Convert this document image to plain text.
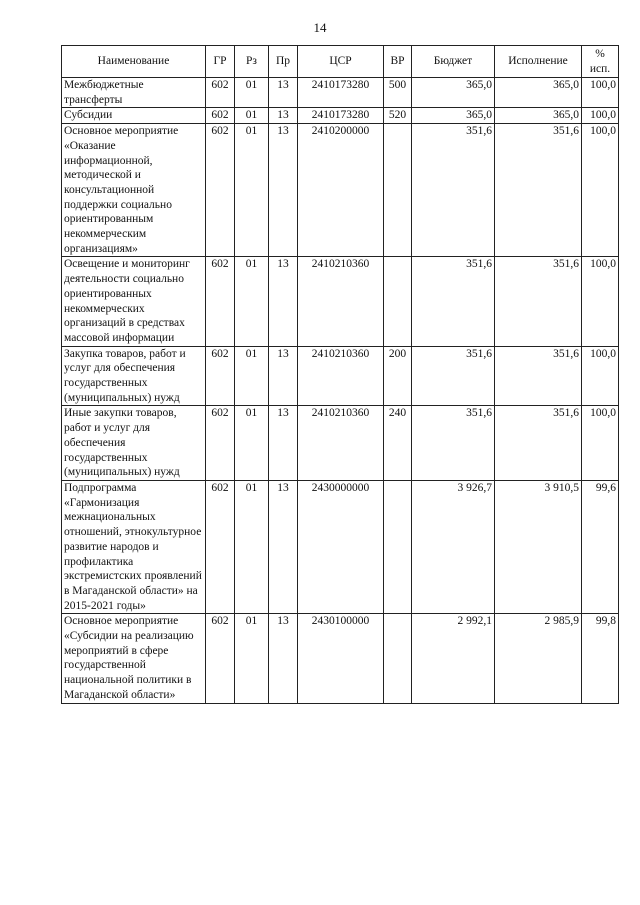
14
Наименование	ГР	Рз	Пр	ЦСР	ВР	Бюджет	Исполнение	%
исп.
Межбюджетные трансферты	602	01	13	2410173280	500	365,0	365,0	100,0
Субсидии	602	01	13	2410173280	520	365,0	365,0	100,0
Основное мероприятие «Оказание информационной, методической и консультационной поддержки социально ориентированным некоммерческим организациям»	602	01	13	2410200000		351,6	351,6	100,0
Освещение и мониторинг деятельности социально ориентированных некоммерческих организаций в средствах массовой информации	602	01	13	2410210360		351,6	351,6	100,0
Закупка товаров, работ и услуг для обеспечения государственных (муниципальных) нужд	602	01	13	2410210360	200	351,6	351,6	100,0
Иные закупки товаров, работ и услуг для обеспечения государственных (муниципальных) нужд	602	01	13	2410210360	240	351,6	351,6	100,0
Подпрограмма «Гармонизация межнациональных отношений, этнокультурное развитие народов и профилактика экстремистских проявлений в Магаданской области» на 2015-2021 годы»	602	01	13	2430000000		3 926,7	3 910,5	99,6
Основное мероприятие «Субсидии на реализацию мероприятий в сфере государственной национальной политики в Магаданской области»	602	01	13	2430100000		2 992,1	2 985,9	99,8
